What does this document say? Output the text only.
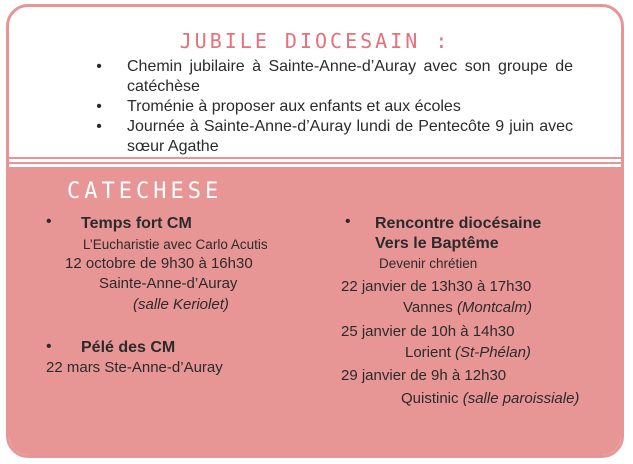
JUBILE DIOCESAIN :
• Chemin jubilaire à Sainte-Anne-d’Auray avec son groupe de catéchèse
• Troménie à proposer aux enfants et aux écoles
• Journée à Sainte-Anne-d’Auray lundi de Pentecôte 9 juin avec sœur Agathe
CATECHESE
• Temps fort CM
L’Eucharistie avec Carlo Acutis
12 octobre de 9h30 à 16h30
Sainte-Anne-d’Auray
(salle Keriolet)
• Pélé des CM
22 mars Ste-Anne-d’Auray
• Rencontre diocésaine
Vers le Baptême
Devenir chrétien
22 janvier de 13h30 à 17h30
Vannes (Montcalm)
25 janvier de 10h à 14h30
Lorient (St-Phélan)
29 janvier de 9h à 12h30
Quistinic (salle paroissiale)
